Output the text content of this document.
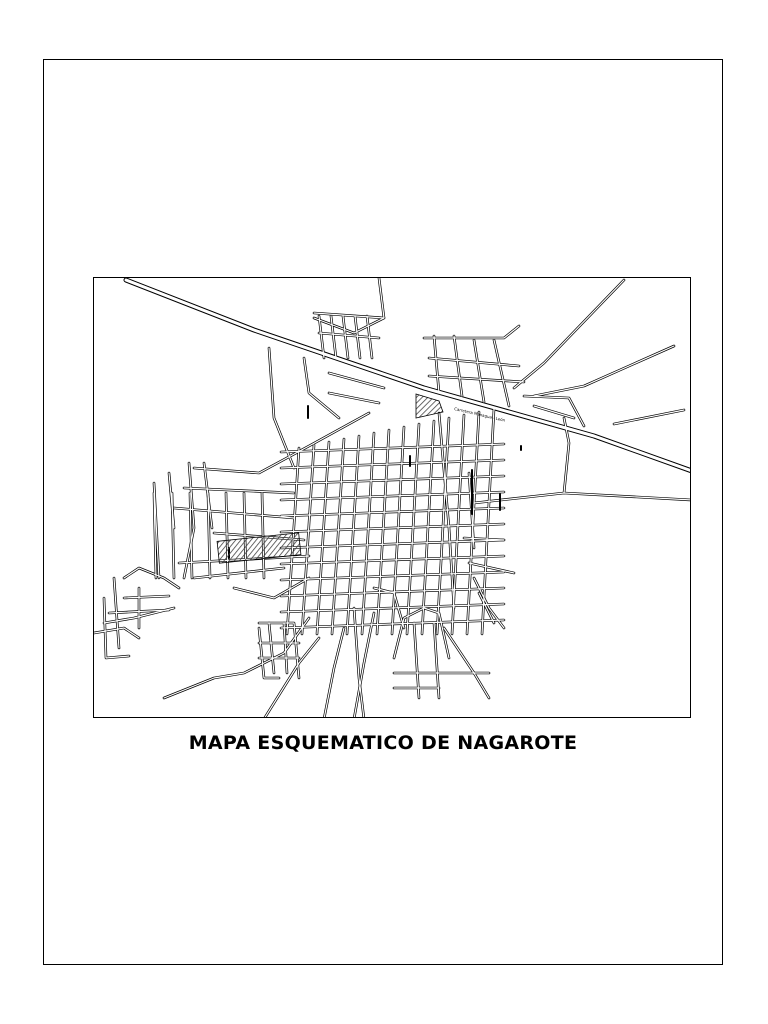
Carretera Managua - León
MAPA ESQUEMATICO DE NAGAROTE
